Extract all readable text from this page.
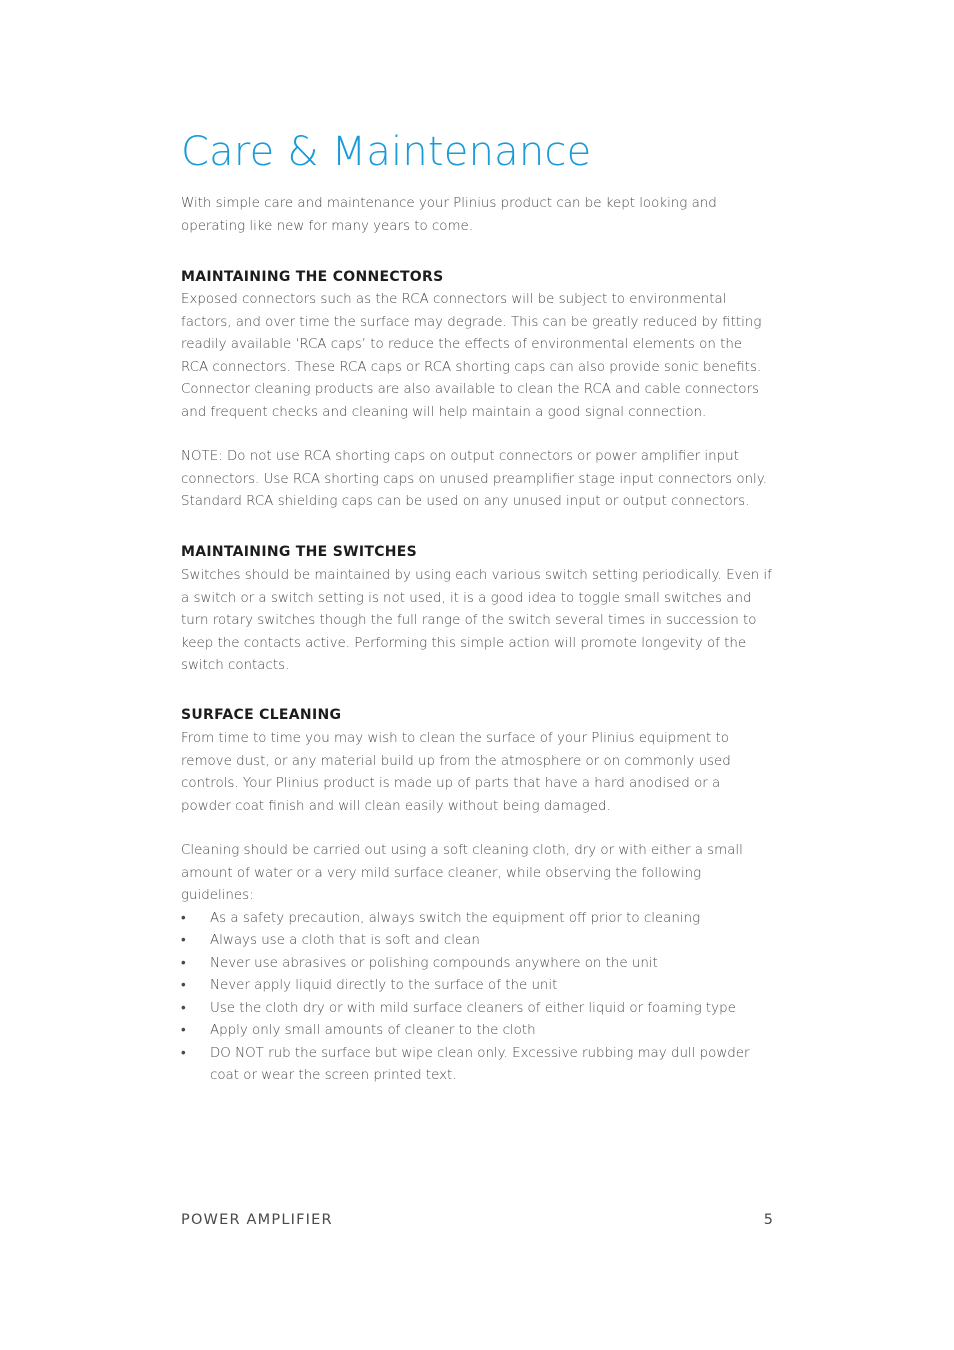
Care & Maintenance

With simple care and maintenance your Plinius product can be kept looking and operating like new for many years to come.

MAINTAINING THE CONNECTORS

Exposed connectors such as the RCA connectors will be subject to environmental factors, and over time the surface may degrade. This can be greatly reduced by fitting readily available ‘RCA caps’ to reduce the effects of environmental elements on the RCA connectors. These RCA caps or RCA shorting caps can also provide sonic benefits. Connector cleaning products are also available to clean the RCA and cable connectors and frequent checks and cleaning will help maintain a good signal connection.

NOTE: Do not use RCA shorting caps on output connectors or power amplifier input connectors. Use RCA shorting caps on unused preamplifier stage input connectors only. Standard RCA shielding caps can be used on any unused input or output connectors.

MAINTAINING THE SWITCHES

Switches should be maintained by using each various switch setting periodically. Even if a switch or a switch setting is not used, it is a good idea to toggle small switches and turn rotary switches though the full range of the switch several times in succession to keep the contacts active. Performing this simple action will promote longevity of the switch contacts.

SURFACE CLEANING

From time to time you may wish to clean the surface of your Plinius equipment to remove dust, or any material build up from the atmosphere or on commonly used controls. Your Plinius product is made up of parts that have a hard anodised or a powder coat finish and will clean easily without being damaged.

Cleaning should be carried out using a soft cleaning cloth, dry or with either a small amount of water or a very mild surface cleaner, while observing the following guidelines:

• As a safety precaution, always switch the equipment off prior to cleaning
• Always use a cloth that is soft and clean
• Never use abrasives or polishing compounds anywhere on the unit
• Never apply liquid directly to the surface of the unit
• Use the cloth dry or with mild surface cleaners of either liquid or foaming type
• Apply only small amounts of cleaner to the cloth
• DO NOT rub the surface but wipe clean only. Excessive rubbing may dull powder coat or wear the screen printed text.
POWER AMPLIFIER	5
